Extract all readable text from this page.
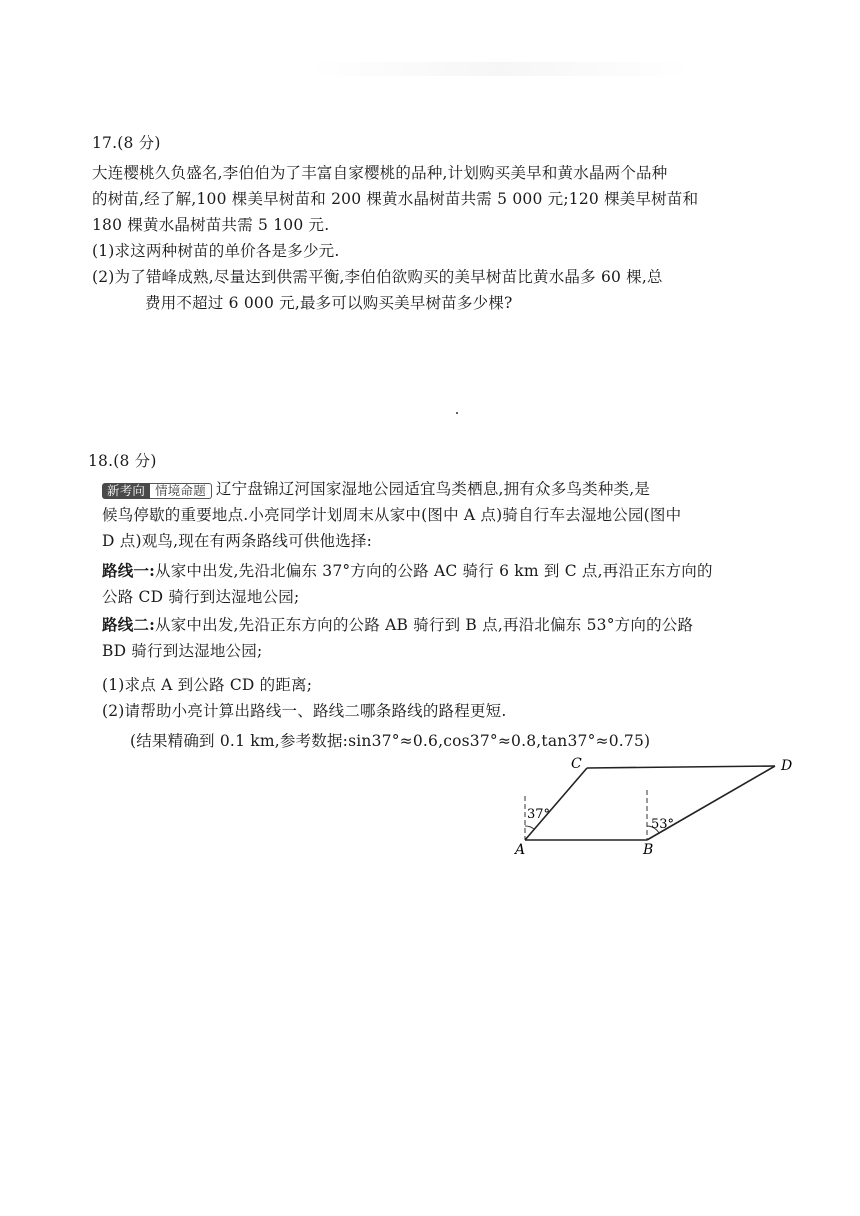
17.(8 分)
大连樱桃久负盛名,李伯伯为了丰富自家樱桃的品种,计划购买美早和黄水晶两个品种
的树苗,经了解,100 棵美早树苗和 200 棵黄水晶树苗共需 5 000 元;120 棵美早树苗和
180 棵黄水晶树苗共需 5 100 元.
(1)求这两种树苗的单价各是多少元.
(2)为了错峰成熟,尽量达到供需平衡,李伯伯欲购买的美早树苗比黄水晶多 60 棵,总
费用不超过 6 000 元,最多可以购买美早树苗多少棵?
18.(8 分)
新考向 情境命题 辽宁盘锦辽河国家湿地公园适宜鸟类栖息,拥有众多鸟类种类,是
候鸟停歇的重要地点.小亮同学计划周末从家中(图中 A 点)骑自行车去湿地公园(图中
D 点)观鸟,现在有两条路线可供他选择:
路线一:从家中出发,先沿北偏东 37°方向的公路 AC 骑行 6 km 到 C 点,再沿正东方向的
公路 CD 骑行到达湿地公园;
路线二:从家中出发,先沿正东方向的公路 AB 骑行到 B 点,再沿北偏东 53°方向的公路
BD 骑行到达湿地公园;
(1)求点 A 到公路 CD 的距离;
(2)请帮助小亮计算出路线一、路线二哪条路线的路程更短.
(结果精确到 0.1 km,参考数据:sin37°≈0.6,cos37°≈0.8,tan37°≈0.75)
37°
53°
A	B
C	D
